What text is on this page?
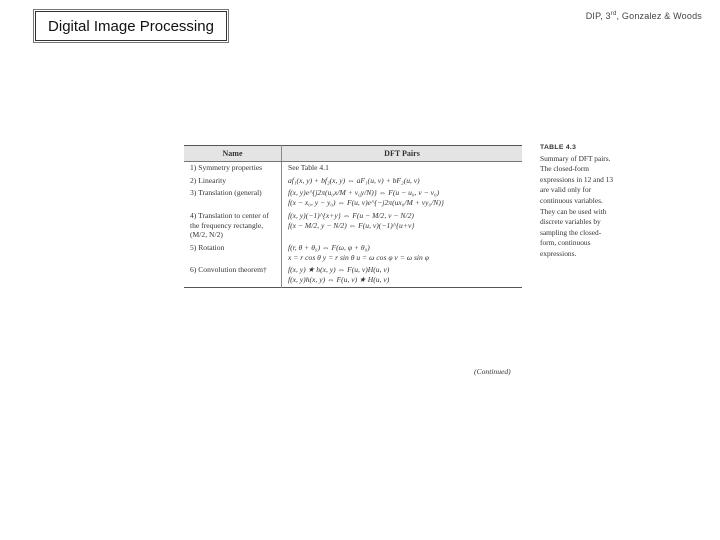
Digital Image Processing
DIP, 3rd, Gonzalez & Woods
Name	DFT Pairs
1) Symmetry properties	See Table 4.1

2) Linearity	af₁(x, y) + bf₂(x, y) ⇔ aF₁(u, v) + bF₂(u, v)

3) Translation (general)	f(x, y)e^{j2π(u₀x/M + v₀y/N)} ⇔ F(u − u₀, v − v₀)
f(x − x₀, y − y₀) ⇔ F(u, v)e^{−j2π(ux₀/M + vy₀/N)}

4) Translation to center of the frequency rectangle, (M/2, N/2)	f(x, y)(−1)^{x+y} ⇔ F(u − M/2, v − N/2)
f(x − M/2, y − N/2) ⇔ F(u, v)(−1)^{u+v}

5) Rotation	f(r, θ + θ₀) ⇔ F(ω, φ + θ₀)
x = r cos θ y = r sin θ u = ω cos φ v = ω sin φ

6) Convolution theorem†	f(x, y) ★ h(x, y) ⇔ F(u, v)H(u, v)
f(x, y)h(x, y) ⇔ F(u, v) ★ H(u, v)
TABLE 4.3
Summary of DFT pairs. The closed-form expressions in 12 and 13 are valid only for continuous variables. They can be used with discrete variables by sampling the closed-form, continuous expressions.
(Continued)
